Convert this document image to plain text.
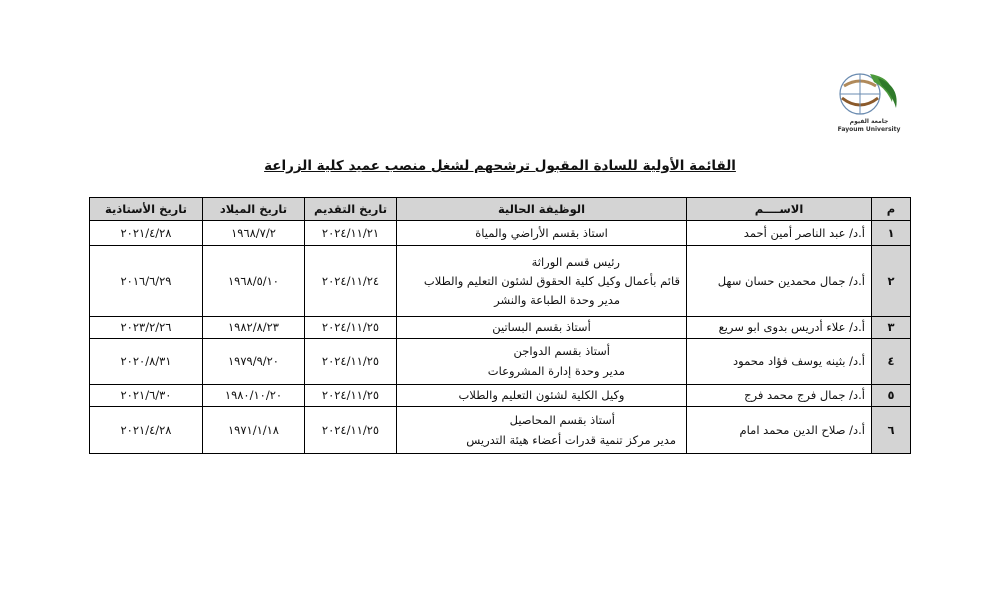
جامعة الفيوم
Fayoum University
القائمة الأولية للسادة المقبول ترشحهم لشغل منصب عميد كلية الزراعة
م	الاســــم	الوظيفة الحالية	تاريخ التقديم	تاريخ الميلاد	تاريخ الأستاذية
١	أ.د/ عبد الناصر أمين أحمد	استاذ بقسم الأراضي والمياة	٢٠٢٤/١١/٢١	١٩٦٨/٧/٢	٢٠٢١/٤/٢٨
٢	أ.د/ جمال محمدين حسان سهل	رئيس قسم الوراثة
قائم بأعمال وكيل كلية الحقوق لشئون التعليم والطلاب
مدير وحدة الطباعة والنشر	٢٠٢٤/١١/٢٤	١٩٦٨/٥/١٠	٢٠١٦/٦/٢٩
٣	أ.د/ علاء أدريس بدوى ابو سريع	أستاذ بقسم البساتين	٢٠٢٤/١١/٢٥	١٩٨٢/٨/٢٣	٢٠٢٣/٢/٢٦
٤	أ.د/ بثينه يوسف فؤاد محمود	أستاذ بقسم الدواجن
مدير وحدة إدارة المشروعات	٢٠٢٤/١١/٢٥	١٩٧٩/٩/٢٠	٢٠٢٠/٨/٣١
٥	أ.د/ جمال فرج محمد فرج	وكيل الكلية لشئون التعليم والطلاب	٢٠٢٤/١١/٢٥	١٩٨٠/١٠/٢٠	٢٠٢١/٦/٣٠
٦	أ.د/ صلاح الدين محمد امام	أستاذ بقسم المحاصيل
مدير مركز تنمية قدرات أعضاء هيئة التدريس	٢٠٢٤/١١/٢٥	١٩٧١/١/١٨	٢٠٢١/٤/٢٨
